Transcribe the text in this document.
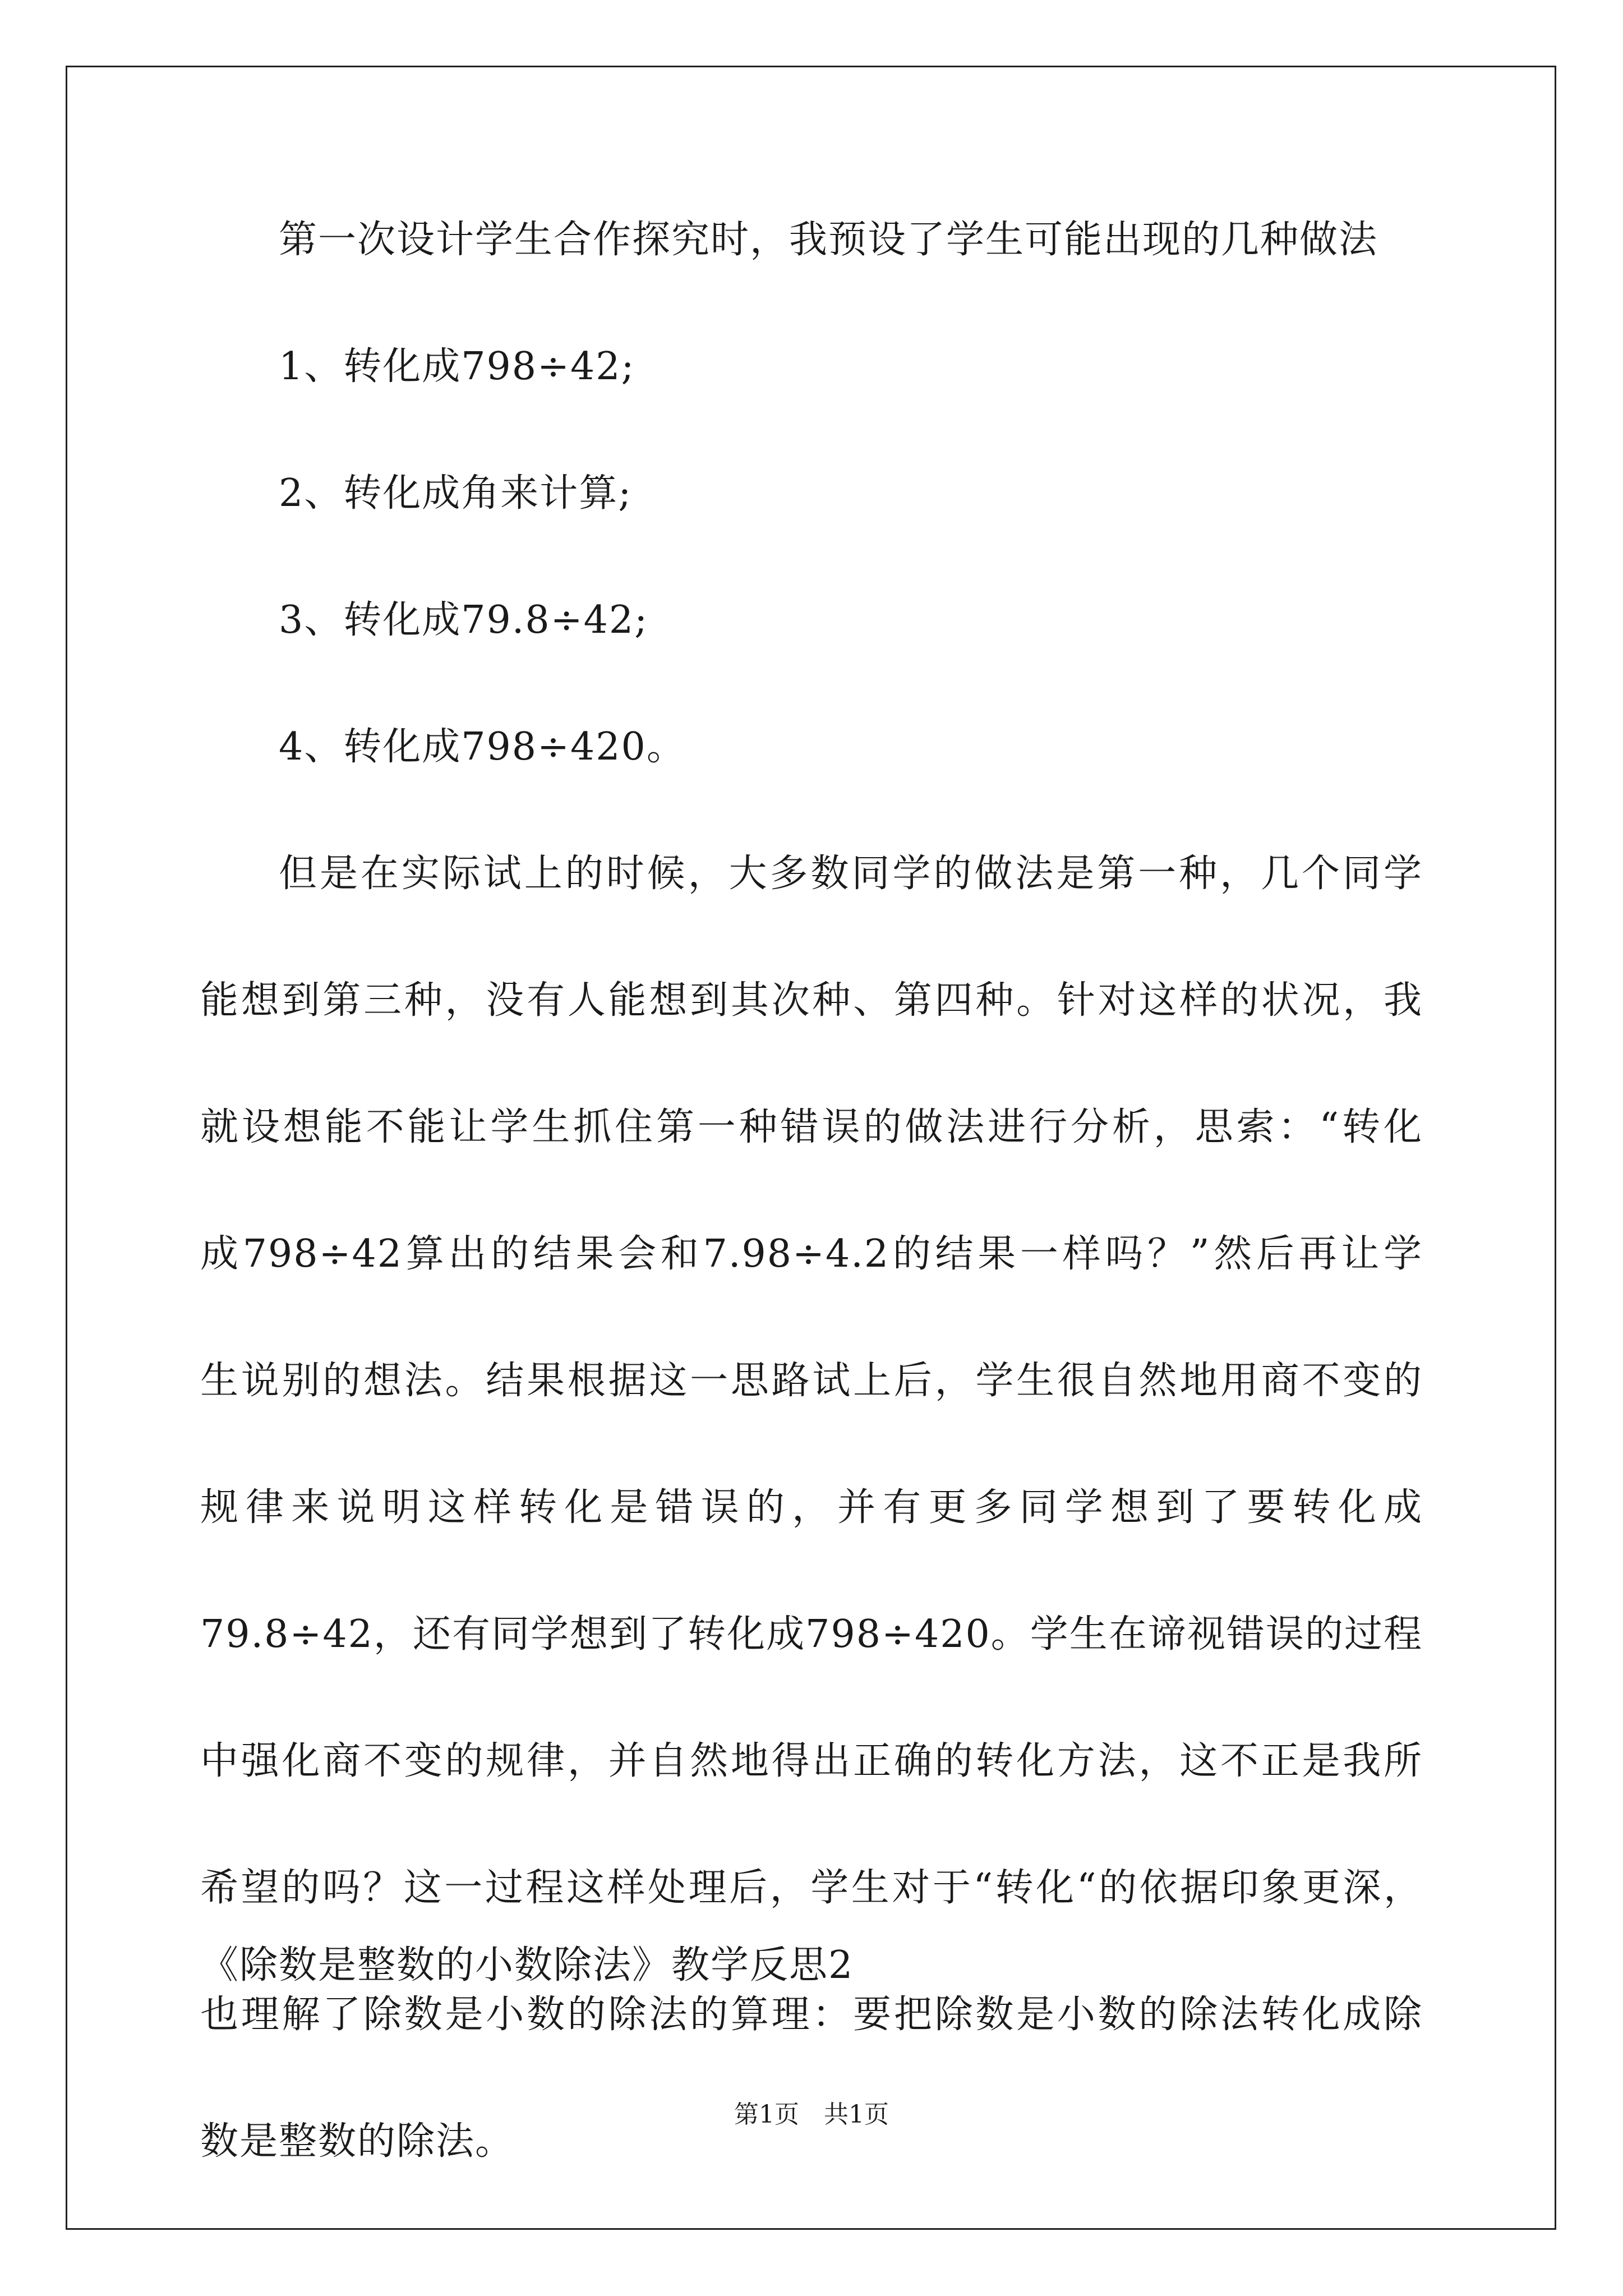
第一次设计学生合作探究时，我预设了学生可能出现的几种做法
1、转化成798÷42;
2、转化成角来计算;
3、转化成79.8÷42;
4、转化成798÷420。
但是在实际试上的时候，大多数同学的做法是第一种，几个同学
能想到第三种，没有人能想到其次种、第四种。针对这样的状况，我
就设想能不能让学生抓住第一种错误的做法进行分析，思索：“转化
成798÷42算出的结果会和7.98÷4.2的结果一样吗？”然后再让学
生说别的想法。结果根据这一思路试上后，学生很自然地用商不变的
规律来说明这样转化是错误的，并有更多同学想到了要转化成
79.8÷42，还有同学想到了转化成798÷420。学生在谛视错误的过程
中强化商不变的规律，并自然地得出正确的转化方法，这不正是我所
希望的吗？这一过程这样处理后，学生对于“转化“的依据印象更深，
也理解了除数是小数的除法的算理：要把除数是小数的除法转化成除
数是整数的除法。
《除数是整数的小数除法》教学反思2
第1页　共1页
